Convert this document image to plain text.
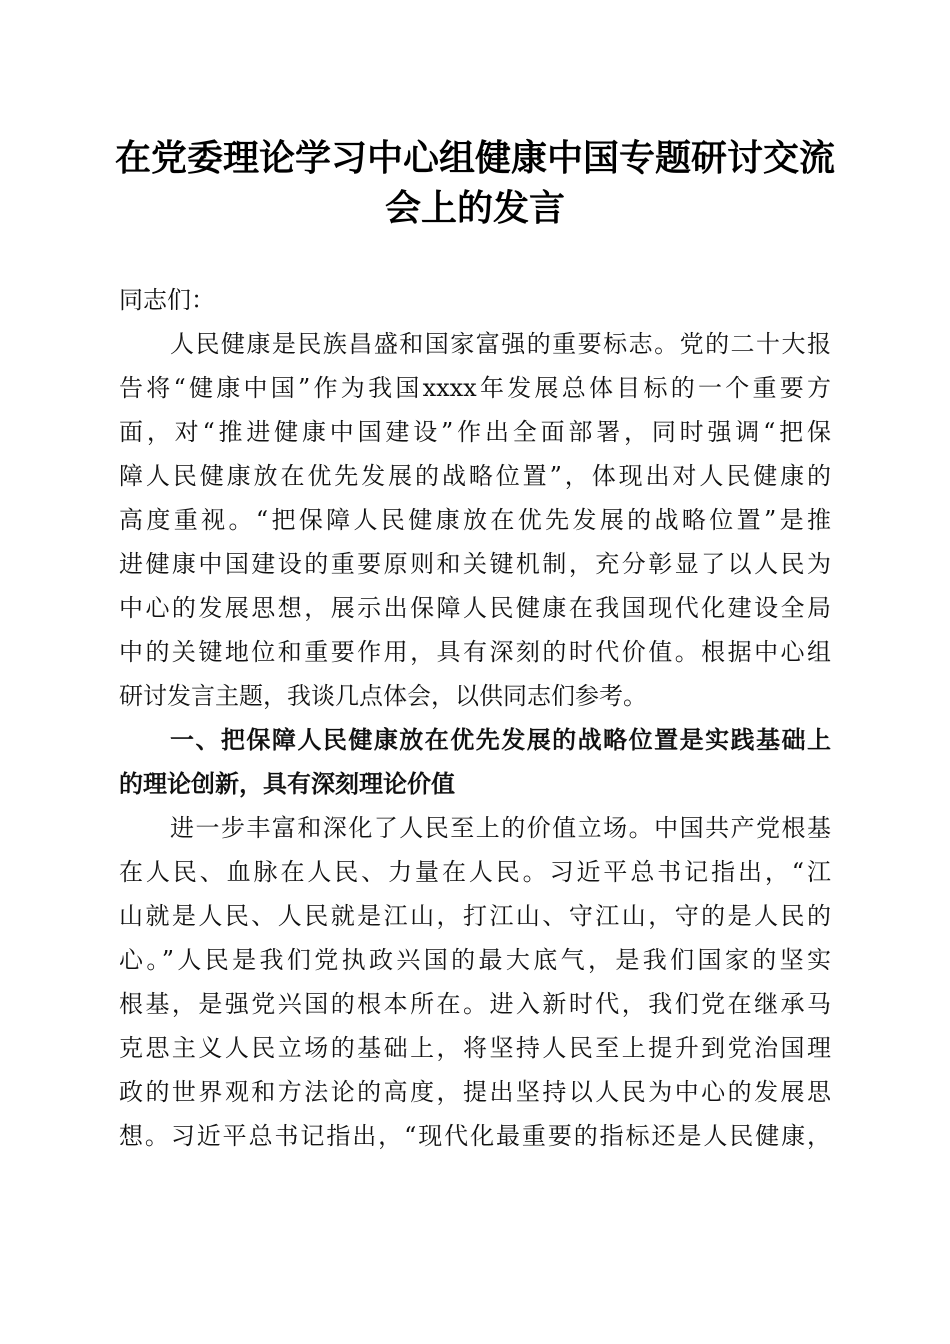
在党委理论学习中心组健康中国专题研讨交流
会上的发言
同志们：
　　人民健康是民族昌盛和国家富强的重要标志。党的二十大报
告将“健康中国”作为我国xxxx年发展总体目标的一个重要方
面，对“推进健康中国建设”作出全面部署，同时强调“把保
障人民健康放在优先发展的战略位置”，体现出对人民健康的
高度重视。“把保障人民健康放在优先发展的战略位置”是推
进健康中国建设的重要原则和关键机制，充分彰显了以人民为
中心的发展思想，展示出保障人民健康在我国现代化建设全局
中的关键地位和重要作用，具有深刻的时代价值。根据中心组
研讨发言主题，我谈几点体会，以供同志们参考。
　　一、把保障人民健康放在优先发展的战略位置是实践基础上
的理论创新，具有深刻理论价值
　　进一步丰富和深化了人民至上的价值立场。中国共产党根基
在人民、血脉在人民、力量在人民。习近平总书记指出，“江
山就是人民、人民就是江山，打江山、守江山，守的是人民的
心。”人民是我们党执政兴国的最大底气，是我们国家的坚实
根基，是强党兴国的根本所在。进入新时代，我们党在继承马
克思主义人民立场的基础上，将坚持人民至上提升到党治国理
政的世界观和方法论的高度，提出坚持以人民为中心的发展思
想。习近平总书记指出，“现代化最重要的指标还是人民健康，
